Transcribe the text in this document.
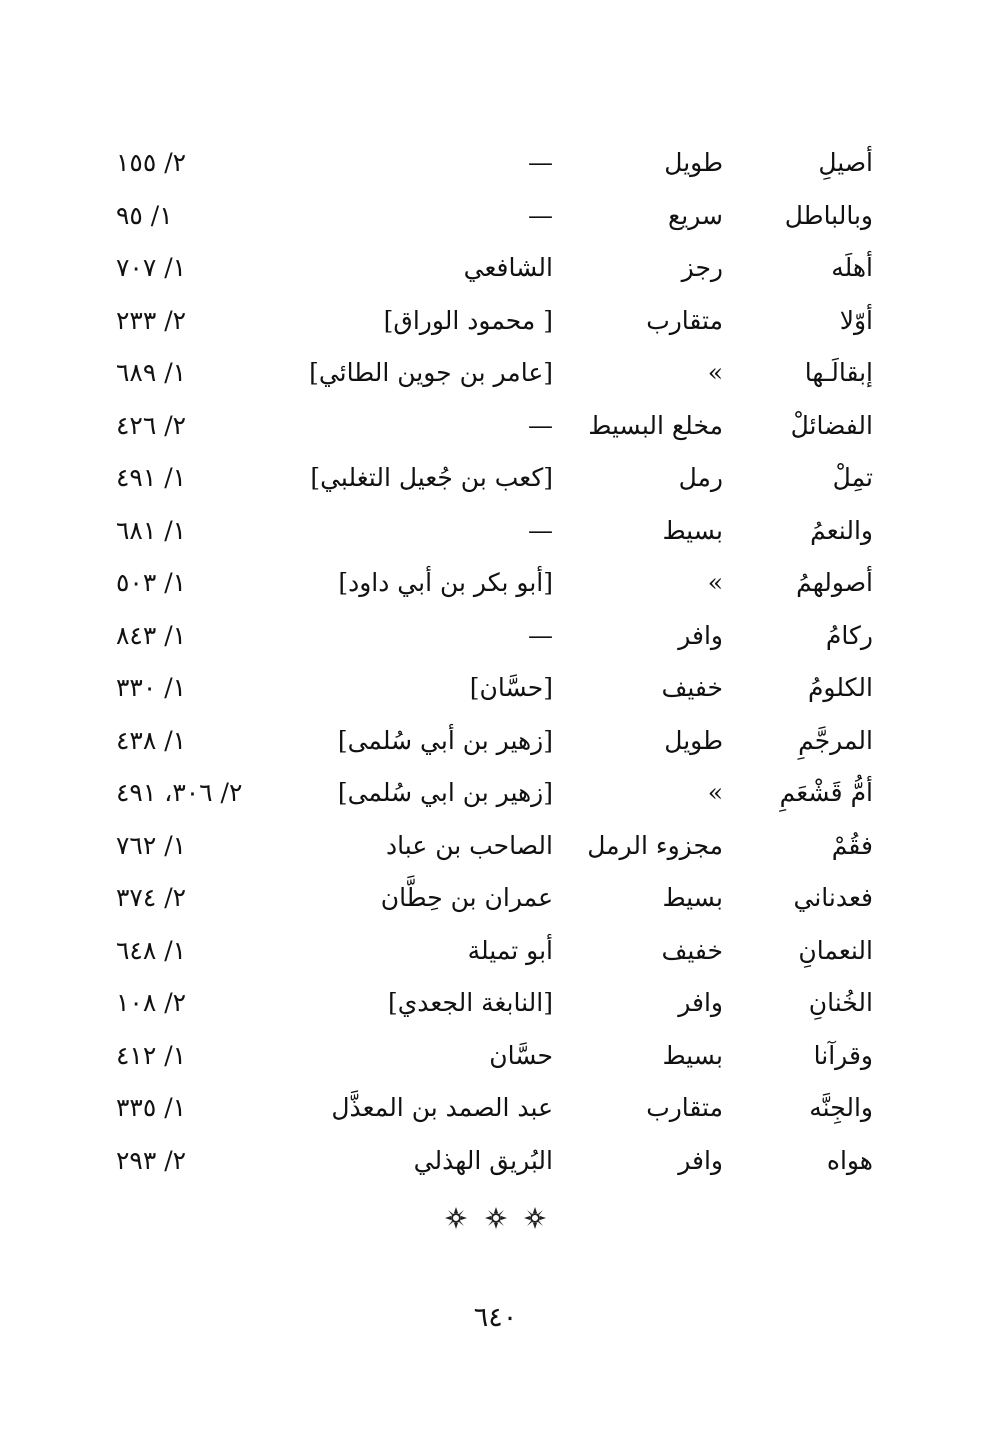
أصيلِ
طويل
—
٢/ ١٥٥
وبالباطل
سريع
—
١/ ٩٥
أهلَه
رجز
الشافعي
١/ ٧٠٧
أوّلا
متقارب
[ محمود الوراق]
٢/ ٢٣٣
إبقالَـها
»
[عامر بن جوين الطائي]
١/ ٦٨٩
الفضائلْ
مخلع البسيط
—
٢/ ٤٢٦
تمِلْ
رمل
[كعب بن جُعيل التغلبي]
١/ ٤٩١
والنعمُ
بسيط
—
١/ ٦٨١
أصولهمُ
»
[أبو بكر بن أبي داود]
١/ ٥٠٣
ركامُ
وافر
—
١/ ٨٤٣
الكلومُ
خفيف
[حسَّان]
١/ ٣٣٠
المرجَّمِ
طويل
[زهير بن أبي سُلمى]
١/ ٤٣٨
أمُّ قَشْعَمِ
»
[زهير بن ابي سُلمى]
٢/ ٣٠٦، ٤٩١
فقُمْ
مجزوء الرمل
الصاحب بن عباد
١/ ٧٦٢
فعدناني
بسيط
عمران بن حِطَّان
٢/ ٣٧٤
النعمانِ
خفيف
أبو تميلة
١/ ٦٤٨
الخُنانِ
وافر
[النابغة الجعدي]
٢/ ١٠٨
وقرآنا
بسيط
حسَّان
١/ ٤١٢
والجِنَّه
متقارب
عبد الصمد بن المعذَّل
١/ ٣٣٥
هواه
وافر
البُريق الهذلي
٢/ ٢٩٣

٦٤٠
